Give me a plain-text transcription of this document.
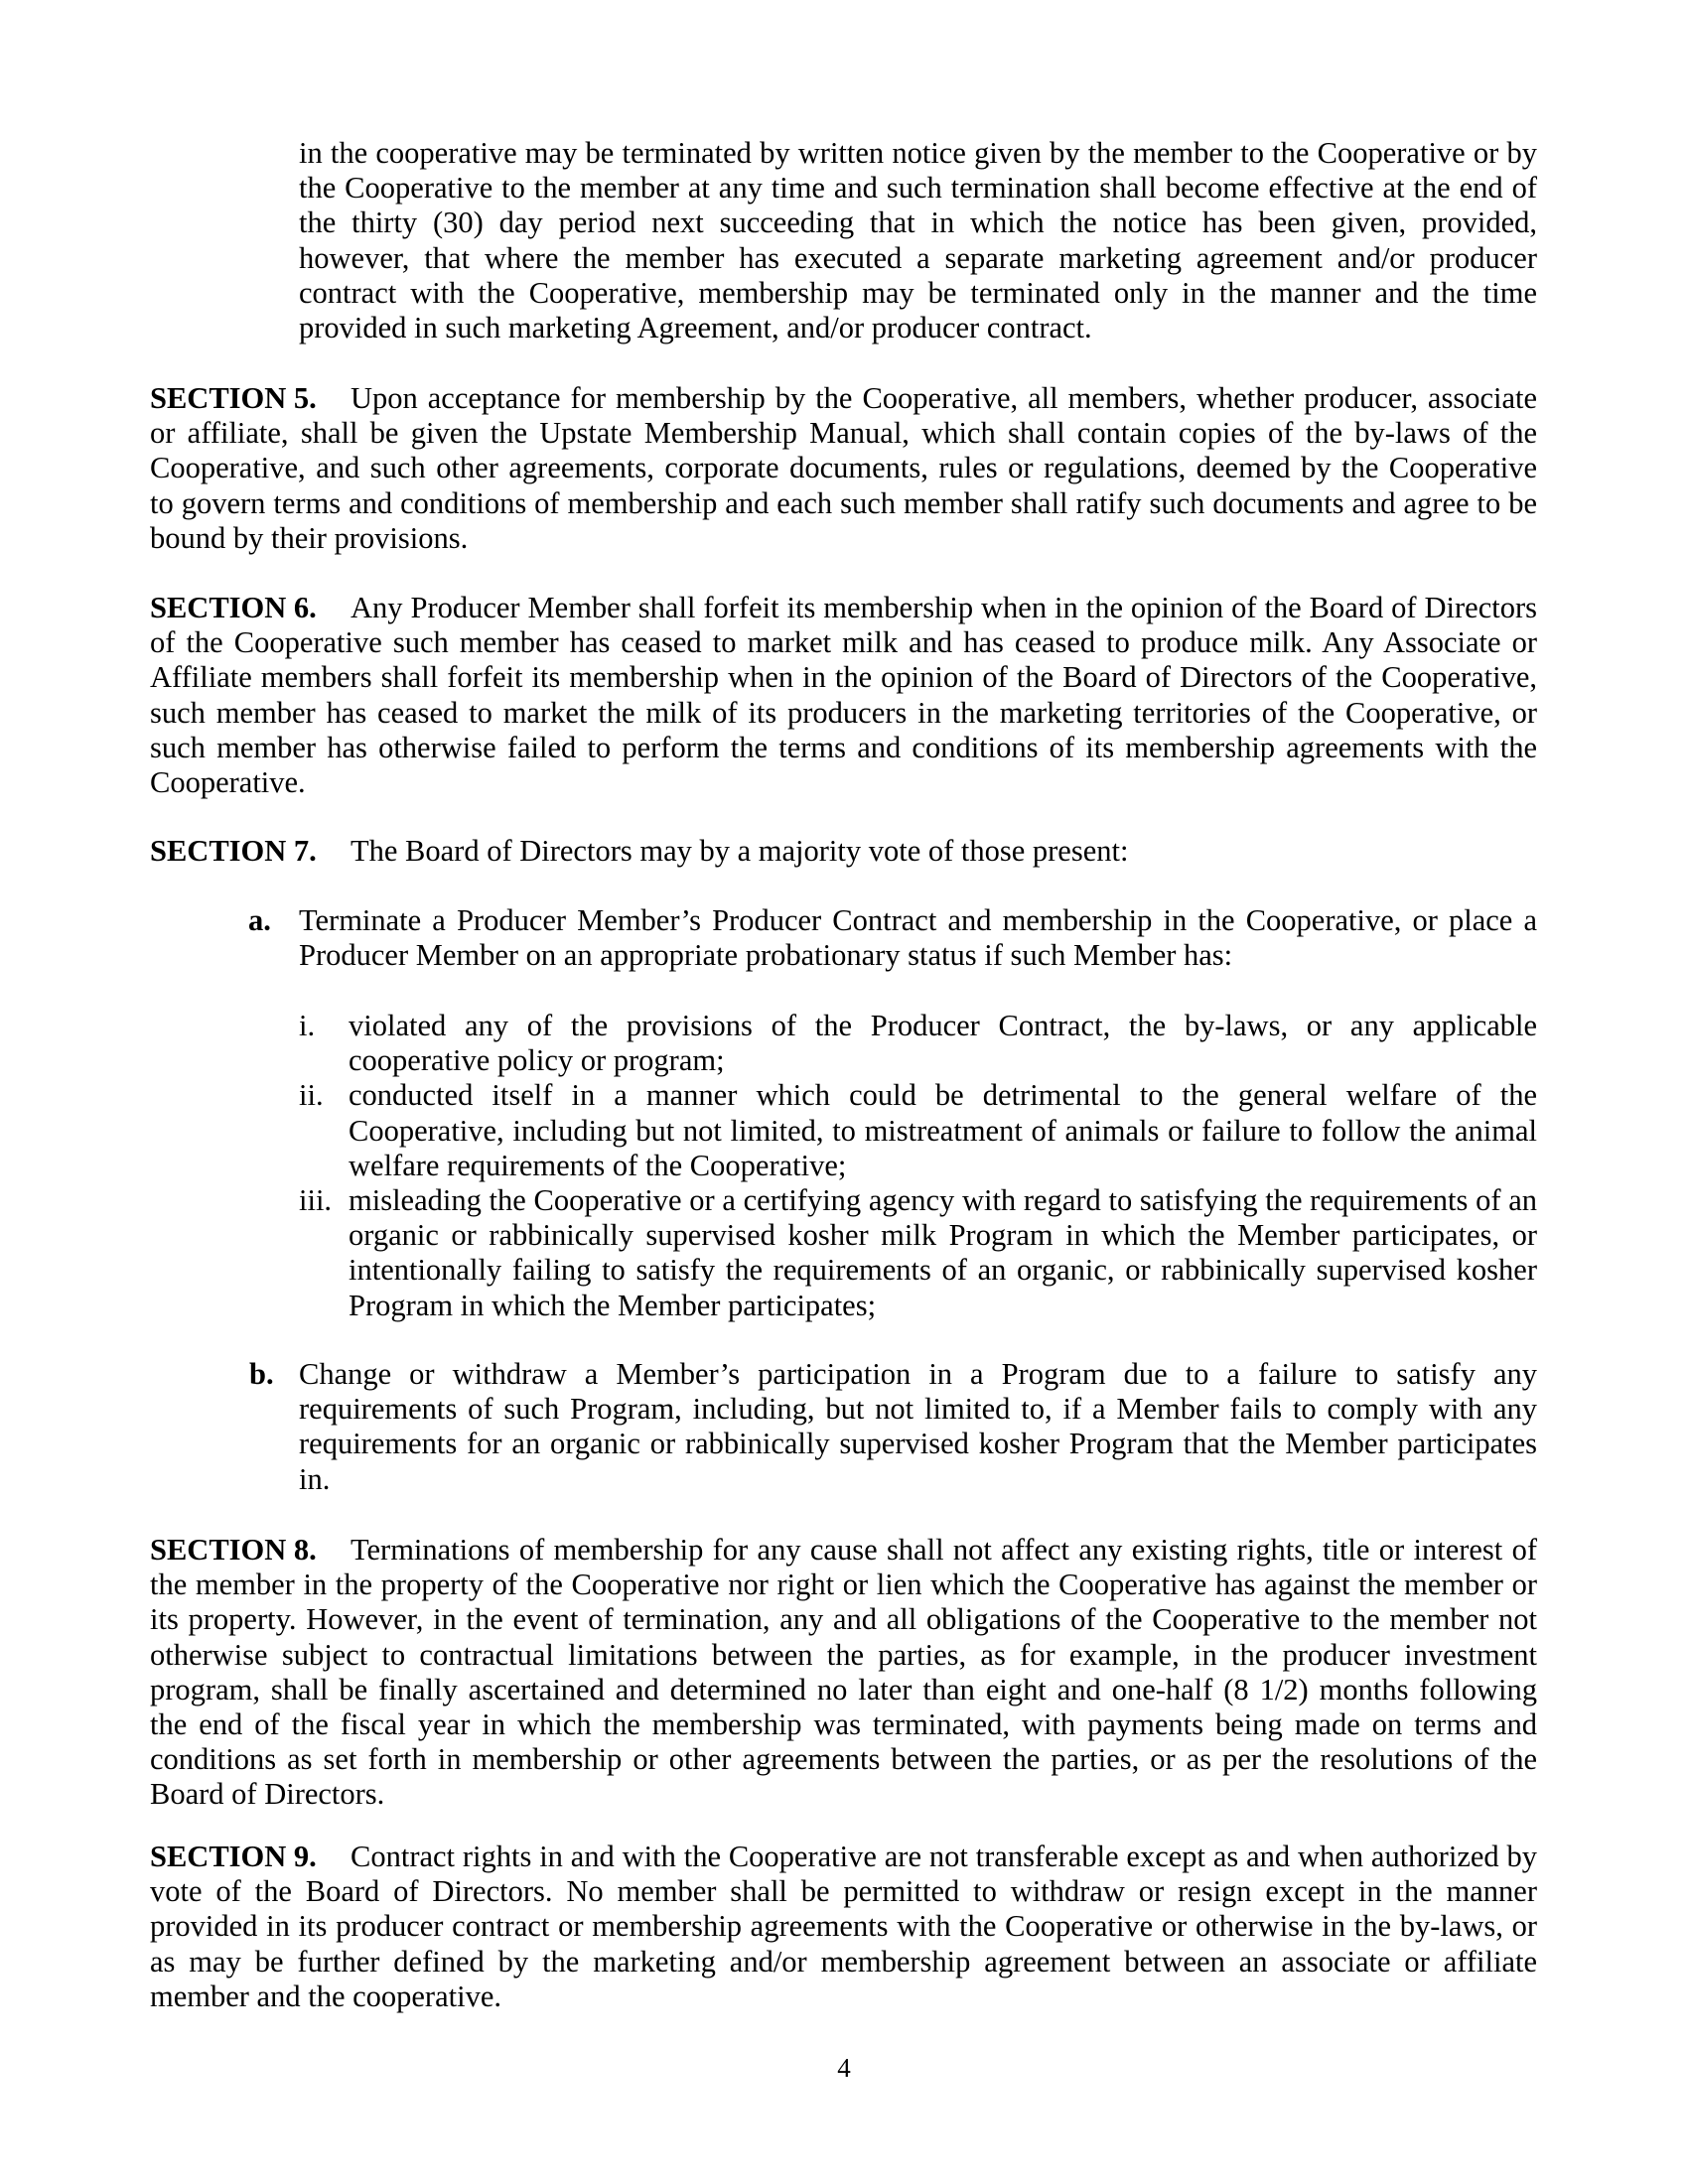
in the cooperative may be terminated by written notice given by the member to the Cooperative or by
the Cooperative to the member at any time and such termination shall become effective at the end of
the thirty (30) day period next succeeding that in which the notice has been given, provided,
however, that where the member has executed a separate marketing agreement and/or producer
contract with the Cooperative, membership may be terminated only in the manner and the time
provided in such marketing Agreement, and/or producer contract.
SECTION 5.	Upon acceptance for membership by the Cooperative, all members, whether producer, associate
or affiliate, shall be given the Upstate Membership Manual, which shall contain copies of the by-laws of the
Cooperative, and such other agreements, corporate documents, rules or regulations, deemed by the Cooperative
to govern terms and conditions of membership and each such member shall ratify such documents and agree to be
bound by their provisions.
SECTION 6.	Any Producer Member shall forfeit its membership when in the opinion of the Board of Directors
of the Cooperative such member has ceased to market milk and has ceased to produce milk. Any Associate or
Affiliate members shall forfeit its membership when in the opinion of the Board of Directors of the Cooperative,
such member has ceased to market the milk of its producers in the marketing territories of the Cooperative, or
such member has otherwise failed to perform the terms and conditions of its membership agreements with the
Cooperative.
SECTION 7.	The Board of Directors may by a majority vote of those present:
a. Terminate a Producer Member’s Producer Contract and membership in the Cooperative, or place a
Producer Member on an appropriate probationary status if such Member has:
i. violated any of the provisions of the Producer Contract, the by-laws, or any applicable
cooperative policy or program;
ii. conducted itself in a manner which could be detrimental to the general welfare of the
Cooperative, including but not limited, to mistreatment of animals or failure to follow the animal
welfare requirements of the Cooperative;
iii. misleading the Cooperative or a certifying agency with regard to satisfying the requirements of an
organic or rabbinically supervised kosher milk Program in which the Member participates, or
intentionally failing to satisfy the requirements of an organic, or rabbinically supervised kosher
Program in which the Member participates;
b. Change or withdraw a Member’s participation in a Program due to a failure to satisfy any
requirements of such Program, including, but not limited to, if a Member fails to comply with any
requirements for an organic or rabbinically supervised kosher Program that the Member participates
in.
SECTION 8.	Terminations of membership for any cause shall not affect any existing rights, title or interest of
the member in the property of the Cooperative nor right or lien which the Cooperative has against the member or
its property. However, in the event of termination, any and all obligations of the Cooperative to the member not
otherwise subject to contractual limitations between the parties, as for example, in the producer investment
program, shall be finally ascertained and determined no later than eight and one-half (8 1/2) months following
the end of the fiscal year in which the membership was terminated, with payments being made on terms and
conditions as set forth in membership or other agreements between the parties, or as per the resolutions of the
Board of Directors.
SECTION 9.	Contract rights in and with the Cooperative are not transferable except as and when authorized by
vote of the Board of Directors. No member shall be permitted to withdraw or resign except in the manner
provided in its producer contract or membership agreements with the Cooperative or otherwise in the by-laws, or
as may be further defined by the marketing and/or membership agreement between an associate or affiliate
member and the cooperative.
4
